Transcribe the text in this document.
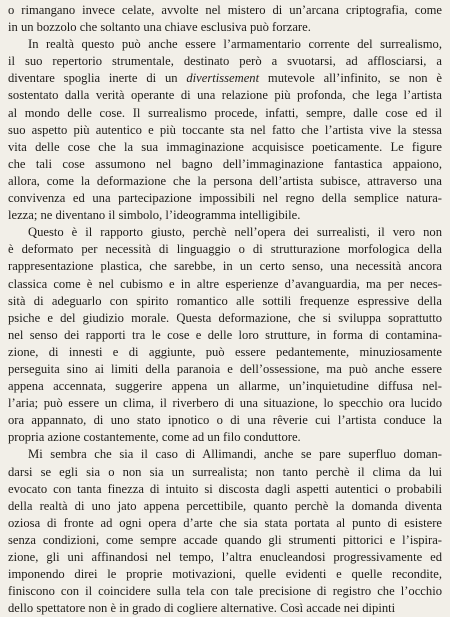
o rimangano invece celate, avvolte nel mistero di un’arcana criptografia, come
in un bozzolo che soltanto una chiave esclusiva può forzare.
In realtà questo può anche essere l’armamentario corrente del surrealismo,
il suo repertorio strumentale, destinato però a svuotarsi, ad afflosciarsi, a
diventare spoglia inerte di un divertissement mutevole all’infinito, se non è
sostentato dalla verità operante di una relazione più profonda, che lega l’artista
al mondo delle cose. Il surrealismo procede, infatti, sempre, dalle cose ed il
suo aspetto più autentico e più toccante sta nel fatto che l’artista vive la stessa
vita delle cose che la sua immaginazione acquisisce poeticamente. Le figure
che tali cose assumono nel bagno dell’immaginazione fantastica appaiono,
allora, come la deformazione che la persona dell’artista subisce, attraverso una
convivenza ed una partecipazione impossibili nel regno della semplice natura-
lezza; ne diventano il simbolo, l’ideogramma intelligibile.
Questo è il rapporto giusto, perchè nell’opera dei surrealisti, il vero non
è deformato per necessità di linguaggio o di strutturazione morfologica della
rappresentazione plastica, che sarebbe, in un certo senso, una necessità ancora
classica come è nel cubismo e in altre esperienze d’avanguardia, ma per neces-
sità di adeguarlo con spirito romantico alle sottili frequenze espressive della
psiche e del giudizio morale. Questa deformazione, che si sviluppa soprattutto
nel senso dei rapporti tra le cose e delle loro strutture, in forma di contamina-
zione, di innesti e di aggiunte, può essere pedantemente, minuziosamente
perseguita sino ai limiti della paranoia e dell’ossessione, ma può anche essere
appena accennata, suggerire appena un allarme, un’inquietudine diffusa nel-
l’aria; può essere un clima, il riverbero di una situazione, lo specchio ora lucido
ora appannato, di uno stato ipnotico o di una rêverie cui l’artista conduce la
propria azione costantemente, come ad un filo conduttore.
Mi sembra che sia il caso di Allimandi, anche se pare superfluo doman-
darsi se egli sia o non sia un surrealista; non tanto perchè il clima da lui
evocato con tanta finezza di intuito si discosta dagli aspetti autentici o probabili
della realtà di uno jato appena percettibile, quanto perchè la domanda diventa
oziosa di fronte ad ogni opera d’arte che sia stata portata al punto di esistere
senza condizioni, come sempre accade quando gli strumenti pittorici e l’ispira-
zione, gli uni affinandosi nel tempo, l’altra enucleandosi progressivamente ed
imponendo direi le proprie motivazioni, quelle evidenti e quelle recondite,
finiscono con il coincidere sulla tela con tale precisione di registro che l’occhio
dello spettatore non è in grado di cogliere alternative. Così accade nei dipinti
